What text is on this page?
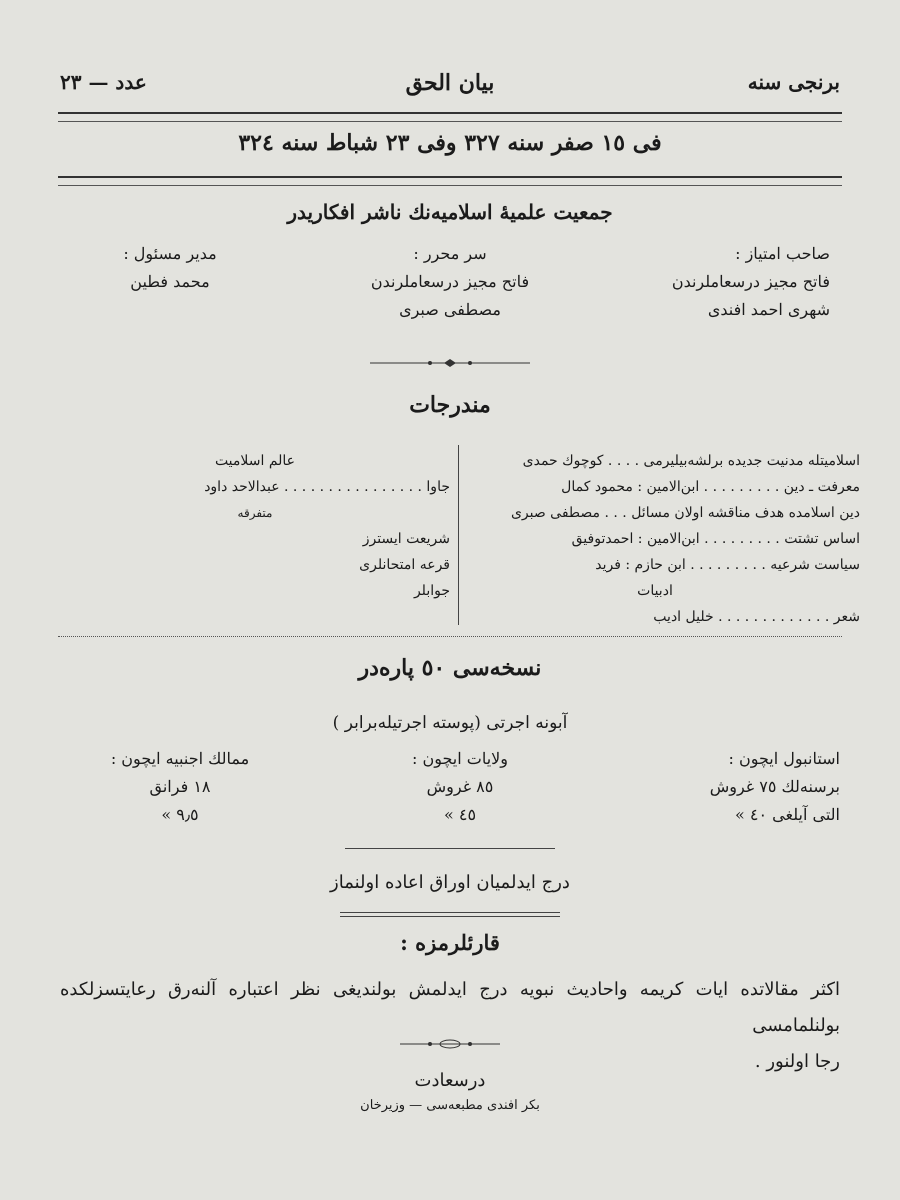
برنجی سنه
بيان الحق
عدد — ٢٣
فی ١٥ صفر سنه ٣٢٧ وفی ٢٣ شباط سنه ٣٢٤
جمعیت علمیهٔ اسلامیه‌نك ناشر افكاریدر
صاحب امتیاز :
فاتح مجیز درسعاملرندن
شهری احمد افندی
سر محرر :
فاتح مجیز درسعاملرندن
مصطفی صبری
مدیر مسئول :
محمد فطین
مندرجات
اسلامیتله مدنیت جدیده برلشه‌بیلیرمی . . . . كوچوك حمدی
معرفت ـ دین . . . . . . . . . ابن‌الامین : محمود كمال
دین اسلامده هدف مناقشه اولان مسائل . . . مصطفی صبری
اساس تشتت . . . . . . . . . ابن‌الامین : احمدتوفیق
سیاست شرعیه . . . . . . . . . ابن حازم : فرید
ادبیات
شعر . . . . . . . . . . . . . خلیل ادیب
عالم اسلامیت
جاوا . . . . . . . . . . . . . . . . عبدالاحد داود
متفرقه
شریعت ایسترز
قرعه امتحانلری
جوابلر
نسخه‌سی ٥٠ پاره‌در
آبونه اجرتی (پوسته اجرتیله‌برابر )
استانبول ایچون :
برسنه‌لك ٧٥ غروش
التی آیلغی ٤٠ »
ولایات ایچون :
٨٥ غروش
٤٥ »
ممالك اجنبیه ایچون :
١٨ فرانق
٩٫٥ »
درج ایدلمیان اوراق اعاده اولنماز
قارئلرمزه :
اكثر مقالاتده ایات كریمه واحادیث نبویه درج ایدلمش بولندیغی نظر اعتباره آلنه‌رق رعایتسزلكده بولنلمامسی
رجا اولنور .
درسعادت
بكر افندی مطبعه‌سی — وزیرخان
